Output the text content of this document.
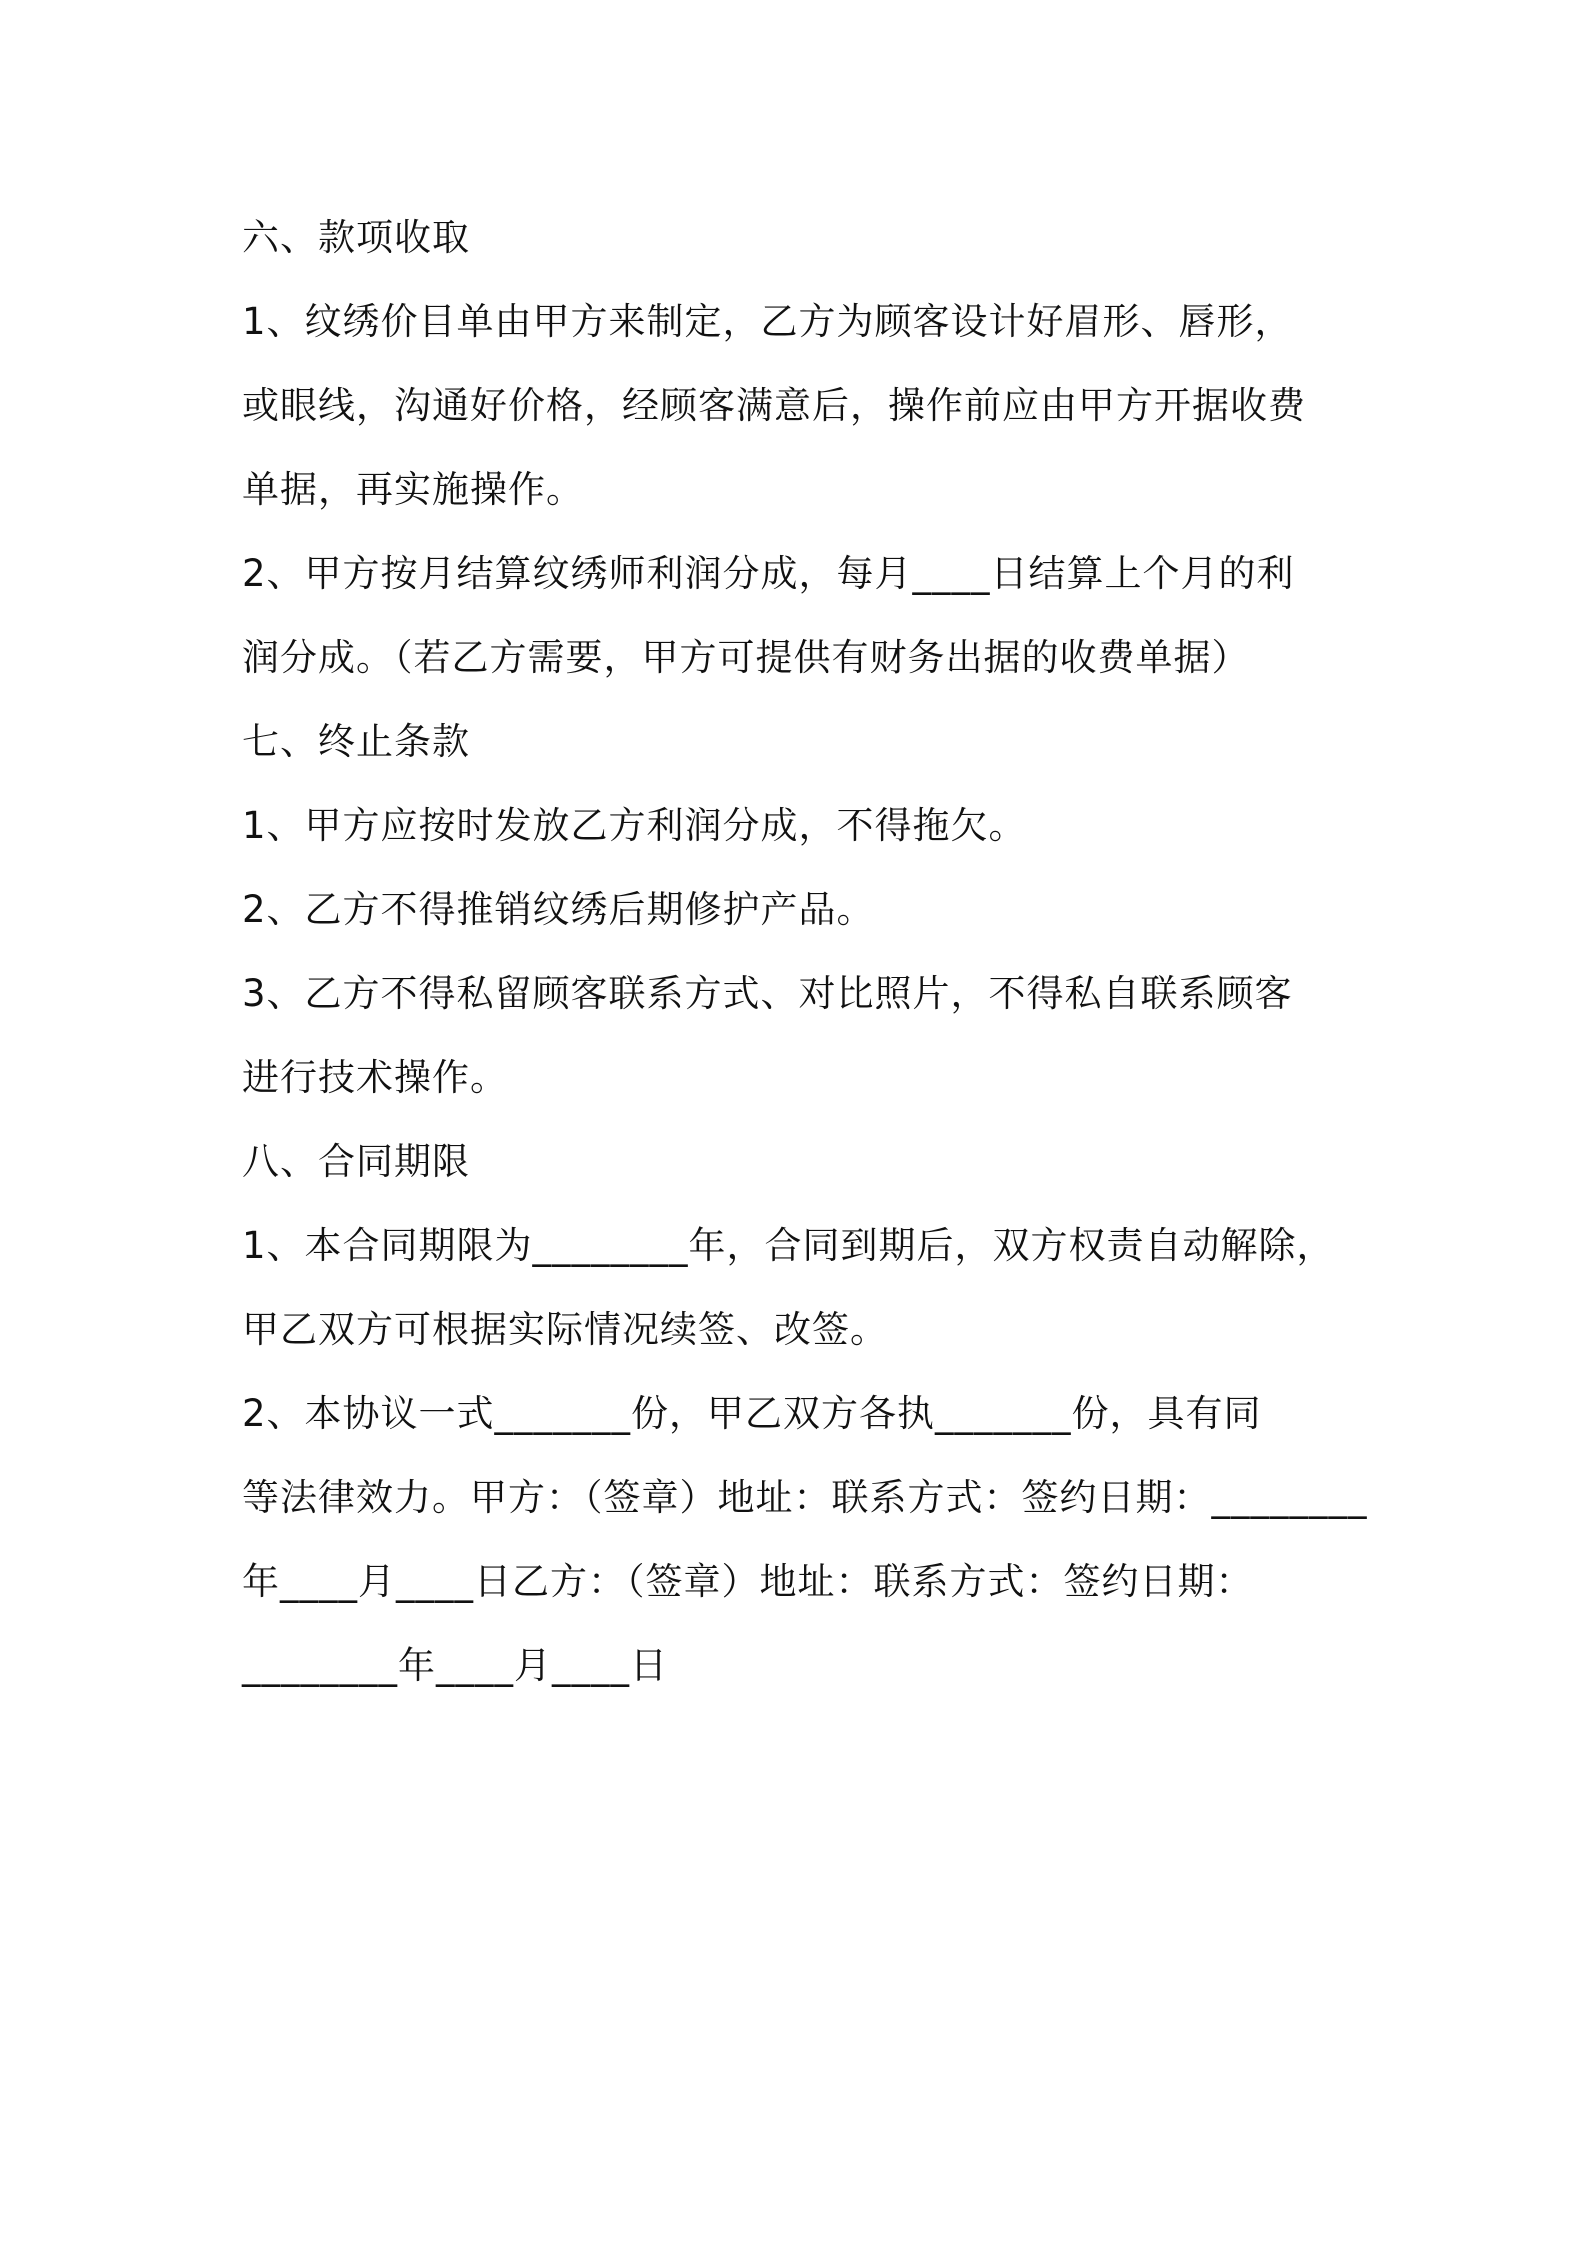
六、款项收取
1、纹绣价目单由甲方来制定，乙方为顾客设计好眉形、唇形，
或眼线，沟通好价格，经顾客满意后，操作前应由甲方开据收费
单据，再实施操作。
2、甲方按月结算纹绣师利润分成，每月____日结算上个月的利
润分成。（若乙方需要，甲方可提供有财务出据的收费单据）
七、终止条款
1、甲方应按时发放乙方利润分成，不得拖欠。
2、乙方不得推销纹绣后期修护产品。
3、乙方不得私留顾客联系方式、对比照片，不得私自联系顾客
进行技术操作。
八、合同期限
1、本合同期限为________年，合同到期后，双方权责自动解除，
甲乙双方可根据实际情况续签、改签。
2、本协议一式_______份，甲乙双方各执_______份，具有同
等法律效力。甲方：（签章）地址：联系方式：签约日期：________
年____月____日乙方：（签章）地址：联系方式：签约日期：
________年____月____日
